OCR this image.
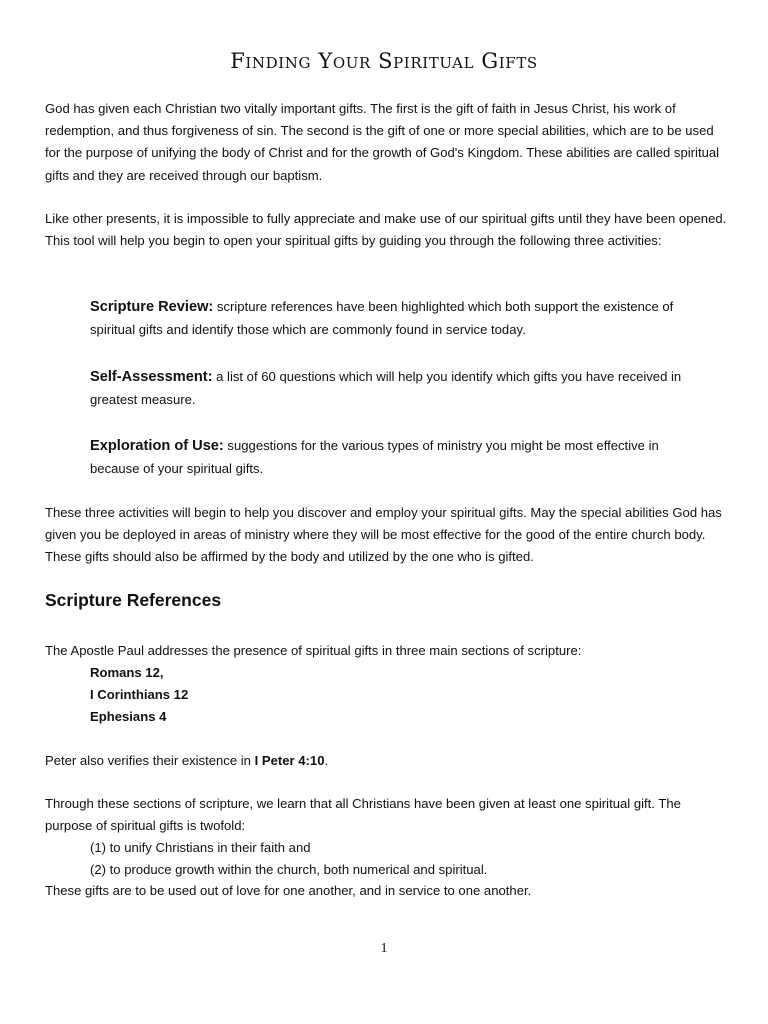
Finding Your Spiritual Gifts

God has given each Christian two vitally important gifts. The first is the gift of faith in Jesus Christ, his work of redemption, and thus forgiveness of sin. The second is the gift of one or more special abilities, which are to be used for the purpose of unifying the body of Christ and for the growth of God's Kingdom. These abilities are called spiritual gifts and they are received through our baptism.

Like other presents, it is impossible to fully appreciate and make use of our spiritual gifts until they have been opened. This tool will help you begin to open your spiritual gifts by guiding you through the following three activities:

Scripture Review: scripture references have been highlighted which both support the existence of spiritual gifts and identify those which are commonly found in service today.

Self-Assessment: a list of 60 questions which will help you identify which gifts you have received in greatest measure.

Exploration of Use: suggestions for the various types of ministry you might be most effective in because of your spiritual gifts.

These three activities will begin to help you discover and employ your spiritual gifts. May the special abilities God has given you be deployed in areas of ministry where they will be most effective for the good of the entire church body. These gifts should also be affirmed by the body and utilized by the one who is gifted.

Scripture References

The Apostle Paul addresses the presence of spiritual gifts in three main sections of scripture:

Romans 12,
I Corinthians 12
Ephesians 4

Peter also verifies their existence in I Peter 4:10.

Through these sections of scripture, we learn that all Christians have been given at least one spiritual gift. The purpose of spiritual gifts is twofold:

(1) to unify Christians in their faith and
(2) to produce growth within the church, both numerical and spiritual.

These gifts are to be used out of love for one another, and in service to one another.

1
